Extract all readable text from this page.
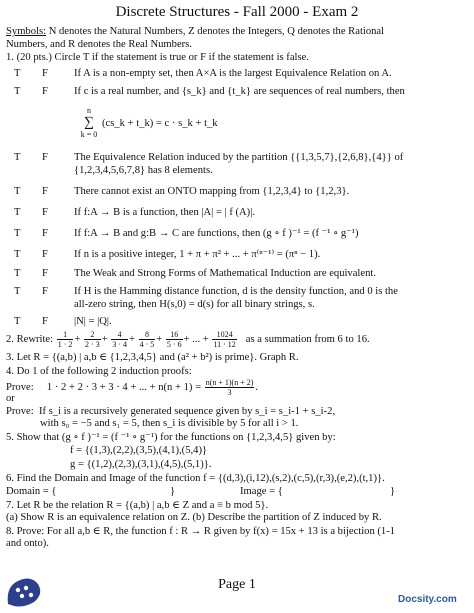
Discrete Structures - Fall 2000 - Exam 2
Symbols: N denotes the Natural Numbers, Z denotes the Integers, Q denotes the Rational
Numbers, and R denotes the Real Numbers.
1. (20 pts.) Circle T if the statement is true or F if the statement is false.
T F If A is a non-empty set, then A×A is the largest Equivalence Relation on A.
T F If c is a real number, and {s_k} and {t_k} are sequences of real numbers, then
n
∑
k = 0
(cs_k + t_k) = c · s_k + t_k
T F The Equivalence Relation induced by the partition {{1,3,5,7},{2,6,8},{4}} of
{1,2,3,4,5,6,7,8} has 8 elements.
T F There cannot exist an ONTO mapping from {1,2,3,4} to {1,2,3}.
T F If f:A → B is a function, then |A| = | f (A)|.
T F If f:A → B and g:B → C are functions, then (g ∘ f )⁻¹ = (f ⁻¹ ∘ g⁻¹)
T F If n is a positive integer, 1 + π + π² + ... + π⁽ⁿ⁻¹⁾ = (πⁿ − 1).
T F The Weak and Strong Forms of Mathematical Induction are equivalent.
T F If H is the Hamming distance function, d is the density function, and 0 is the
all-zero string, then H(s,0) = d(s) for all binary strings, s.
T F |N| = |Q|.
2. Rewrite: $\frac{1}{1 \cdot 2} + \frac{2}{2 \cdot 3} + \frac{4}{3 \cdot 4} + \frac{8}{4 \cdot 5} + \frac{16}{5 \cdot 6}$ + ... + $\frac{1024}{11 \cdot 12}$ as a summation from 6 to 16.
3. Let R = {(a,b) | a,b ∈ {1,2,3,4,5} and (a² + b²) is prime}. Graph R.
4. Do 1 of the following 2 induction proofs:
Prove: 1 · 2 + 2 · 3 + 3 · 4 + ... + $n(n + 1) = \frac{n(n + 1)(n + 2)}{3}$ .
or
Prove: If s_i is a recursively generated sequence given by s_i = s_i-1 + s_i-2,
with s₀ = −5 and s₁ = 5, then s_i is divisible by 5 for all i > 1.
5. Show that (g ∘ f )⁻¹ = (f ⁻¹ ∘ g⁻¹) for the functions on {1,2,3,4,5} given by:
f = {(1,3),(2,2),(3,5),(4,1),(5,4)}
g = {(1,2),(2,3),(3,1),(4,5),(5,1)}.
6. Find the Domain and Image of the function f = {(d,3),(i,12),(s,2),(c,5),(r,3),(e,2),(t,1)}.
Domain = {	}	Image = {	}
7. Let R be the relation R = {(a,b) | a,b ∈ Z and a ≡ b mod 5}.
(a) Show R is an equivalence relation on Z. (b) Describe the partition of Z induced by R.
8. Prove: For all a,b ∈ R, the function f : R → R given by f(x) = 15x + 13 is a bijection (1-1
and onto).
Page 1
Docsity.com
